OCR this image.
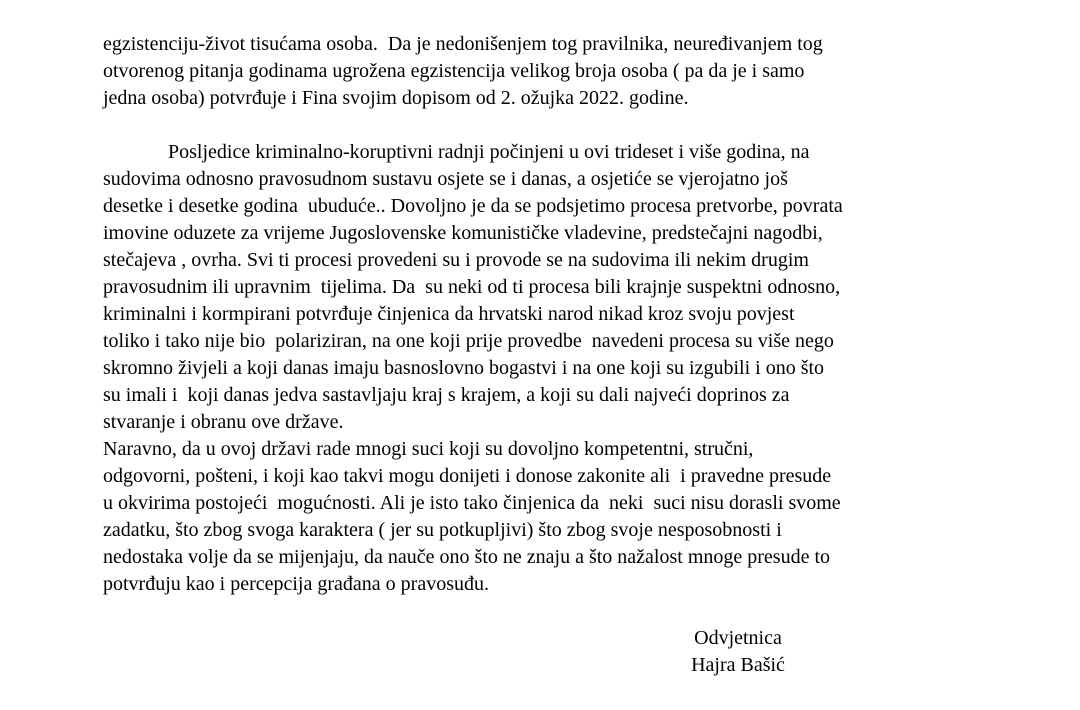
egzistenciju-život tisućama osoba.  Da je nedonišenjem tog pravilnika, neuređivanjem tog
otvorenog pitanja godinama ugrožena egzistencija velikog broja osoba ( pa da je i samo
jedna osoba) potvrđuje i Fina svojim dopisom od 2. ožujka 2022. godine.
Posljedice kriminalno-koruptivni radnji počinjeni u ovi trideset i više godina, na
sudovima odnosno pravosudnom sustavu osjete se i danas, a osjetiće se vjerojatno još
desetke i desetke godina  ubuduće.. Dovoljno je da se podsjetimo procesa pretvorbe, povrata
imovine oduzete za vrijeme Jugoslovenske komunističke vladevine, predstečajni nagodbi,
stečajeva , ovrha. Svi ti procesi provedeni su i provode se na sudovima ili nekim drugim
pravosudnim ili upravnim  tijelima. Da  su neki od ti procesa bili krajnje suspektni odnosno,
kriminalni i kormpirani potvrđuje činjenica da hrvatski narod nikad kroz svoju povjest
toliko i tako nije bio  polariziran, na one koji prije provedbe  navedeni procesa su više nego
skromno živjeli a koji danas imaju basnoslovno bogastvi i na one koji su izgubili i ono što
su imali i  koji danas jedva sastavljaju kraj s krajem, a koji su dali najveći doprinos za
stvaranje i obranu ove države.
Naravno, da u ovoj državi rade mnogi suci koji su dovoljno kompetentni, stručni,
odgovorni, pošteni, i koji kao takvi mogu donijeti i donose zakonite ali  i pravedne presude
u okvirima postojeći  mogućnosti. Ali je isto tako činjenica da  neki  suci nisu dorasli svome
zadatku, što zbog svoga karaktera ( jer su potkupljivi) što zbog svoje nesposobnosti i
nedostaka volje da se mijenjaju, da nauče ono što ne znaju a što nažalost mnoge presude to
potvrđuju kao i percepcija građana o pravosuđu.
Odvjetnica
Hajra Bašić
